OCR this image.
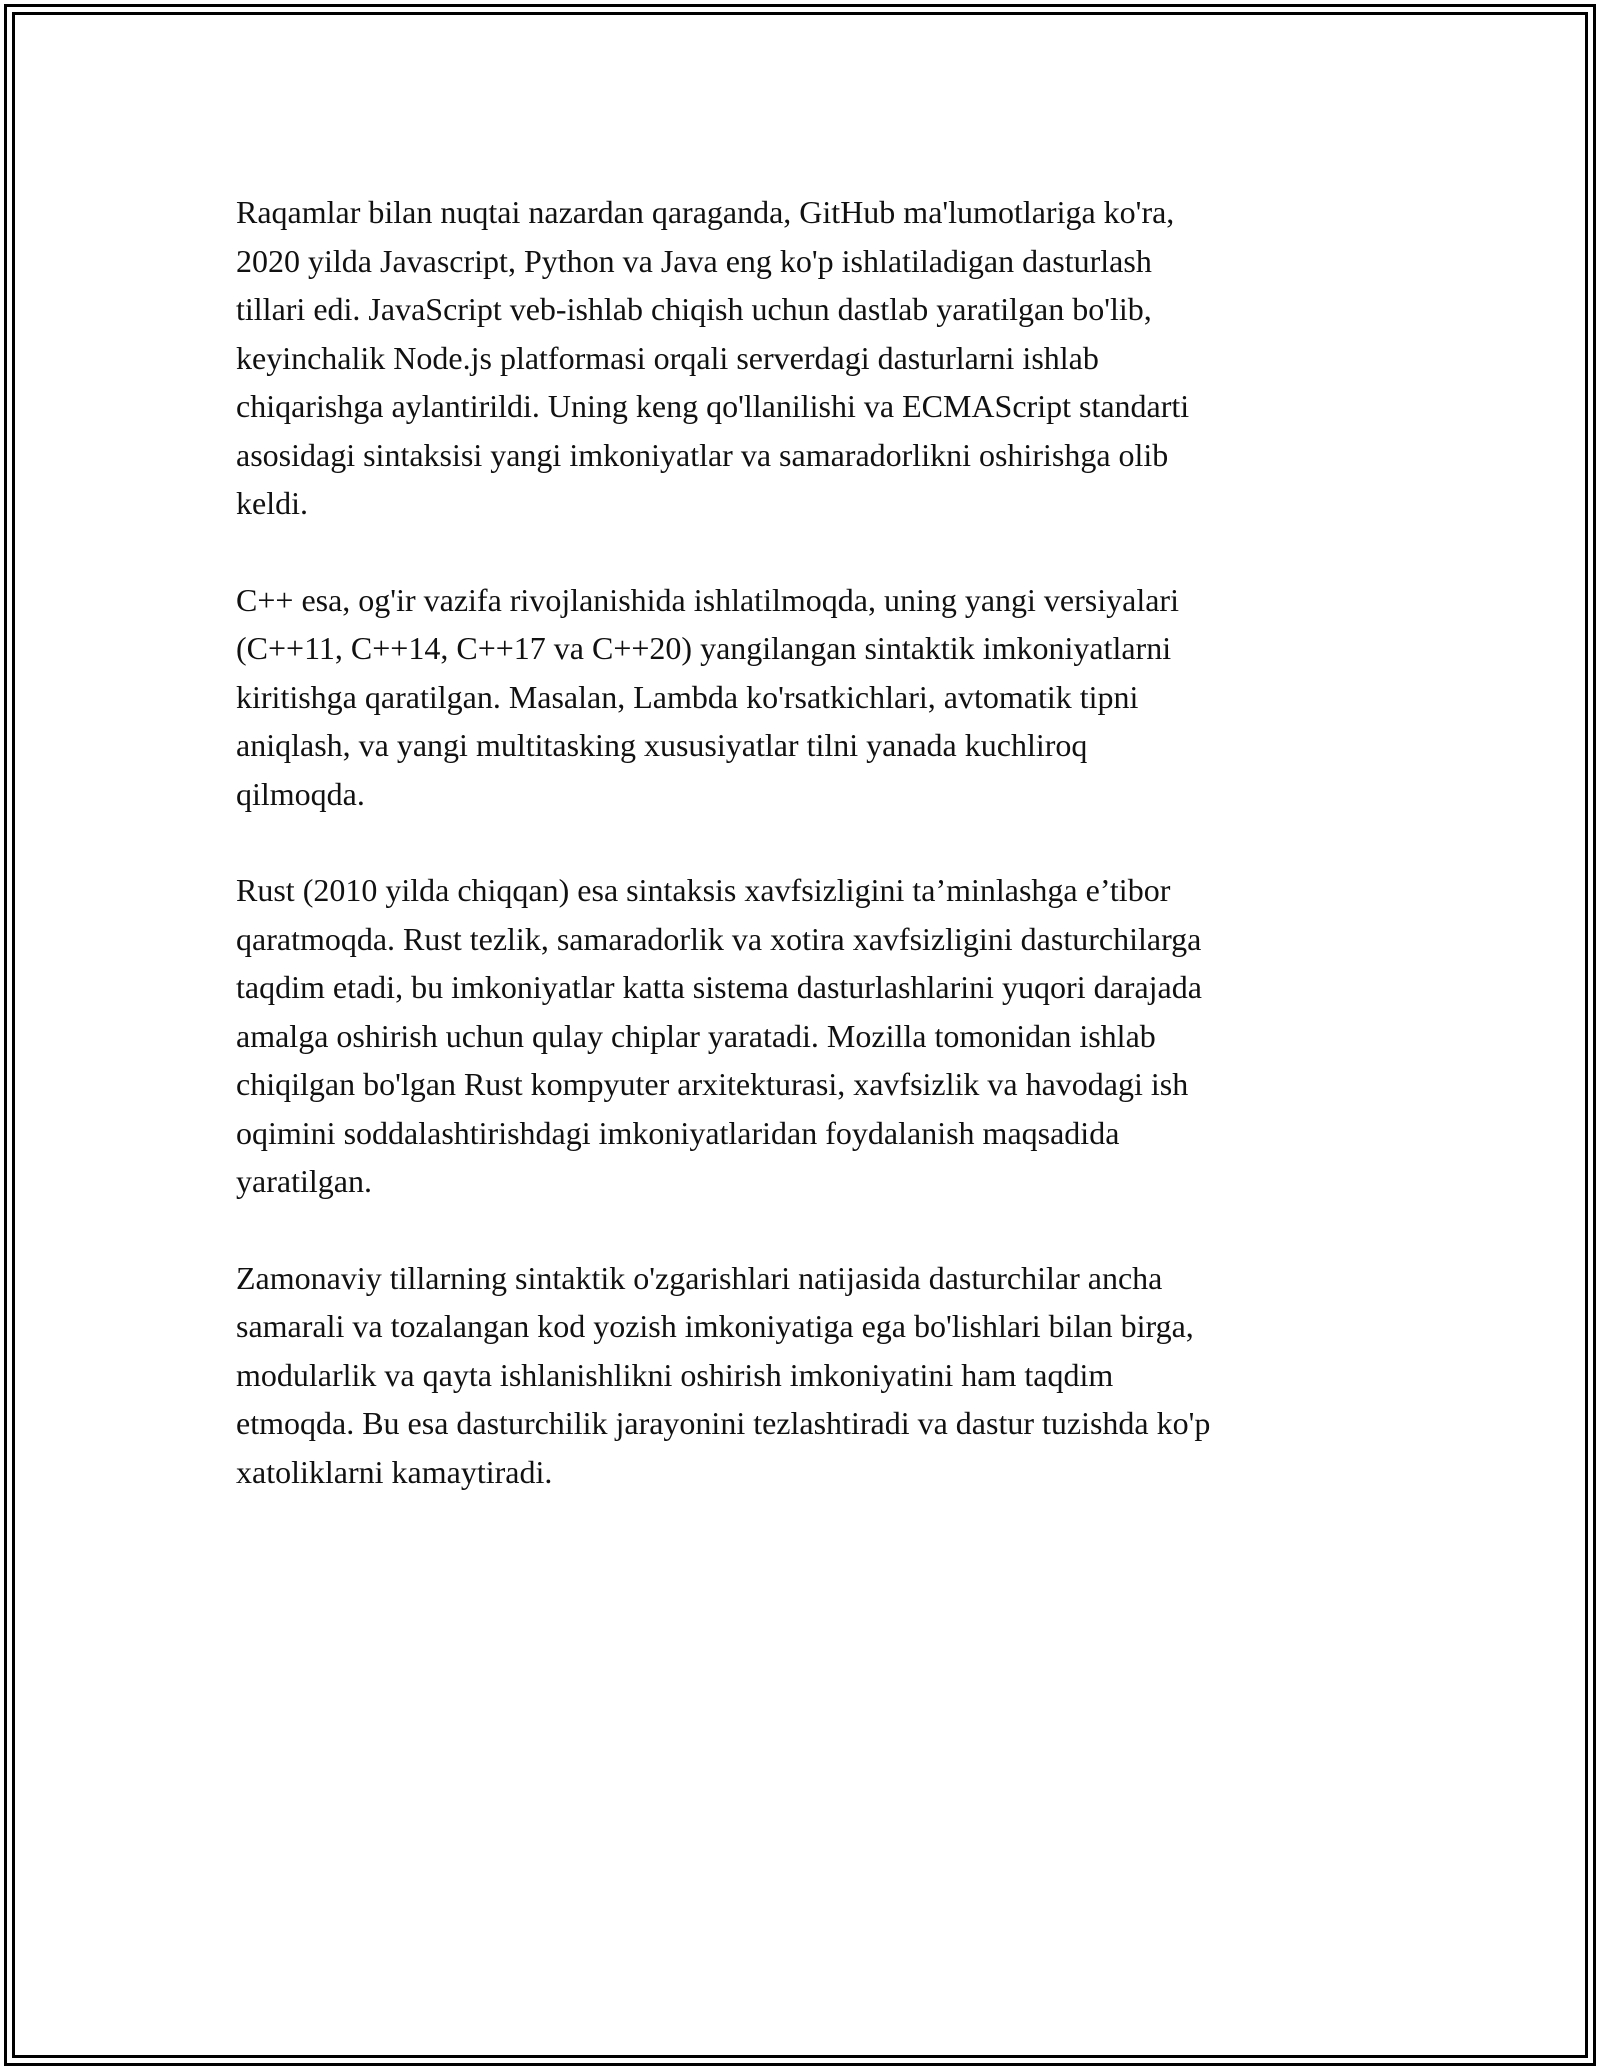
Raqamlar bilan nuqtai nazardan qaraganda, GitHub ma'lumotlariga ko'ra,
2020 yilda Javascript, Python va Java eng ko'p ishlatiladigan dasturlash
tillari edi. JavaScript veb-ishlab chiqish uchun dastlab yaratilgan bo'lib,
keyinchalik Node.js platformasi orqali serverdagi dasturlarni ishlab
chiqarishga aylantirildi. Uning keng qo'llanilishi va ECMAScript standarti
asosidagi sintaksisi yangi imkoniyatlar va samaradorlikni oshirishga olib
keldi.

C++ esa, og'ir vazifa rivojlanishida ishlatilmoqda, uning yangi versiyalari
(C++11, C++14, C++17 va C++20) yangilangan sintaktik imkoniyatlarni
kiritishga qaratilgan. Masalan, Lambda ko'rsatkichlari, avtomatik tipni
aniqlash, va yangi multitasking xususiyatlar tilni yanada kuchliroq
qilmoqda.

Rust (2010 yilda chiqqan) esa sintaksis xavfsizligini ta’minlashga e’tibor
qaratmoqda. Rust tezlik, samaradorlik va xotira xavfsizligini dasturchilarga
taqdim etadi, bu imkoniyatlar katta sistema dasturlashlarini yuqori darajada
amalga oshirish uchun qulay chiplar yaratadi. Mozilla tomonidan ishlab
chiqilgan bo'lgan Rust kompyuter arxitekturasi, xavfsizlik va havodagi ish
oqimini soddalashtirishdagi imkoniyatlaridan foydalanish maqsadida
yaratilgan.

Zamonaviy tillarning sintaktik o'zgarishlari natijasida dasturchilar ancha
samarali va tozalangan kod yozish imkoniyatiga ega bo'lishlari bilan birga,
modularlik va qayta ishlanishlikni oshirish imkoniyatini ham taqdim
etmoqda. Bu esa dasturchilik jarayonini tezlashtiradi va dastur tuzishda ko'p
xatoliklarni kamaytiradi.
